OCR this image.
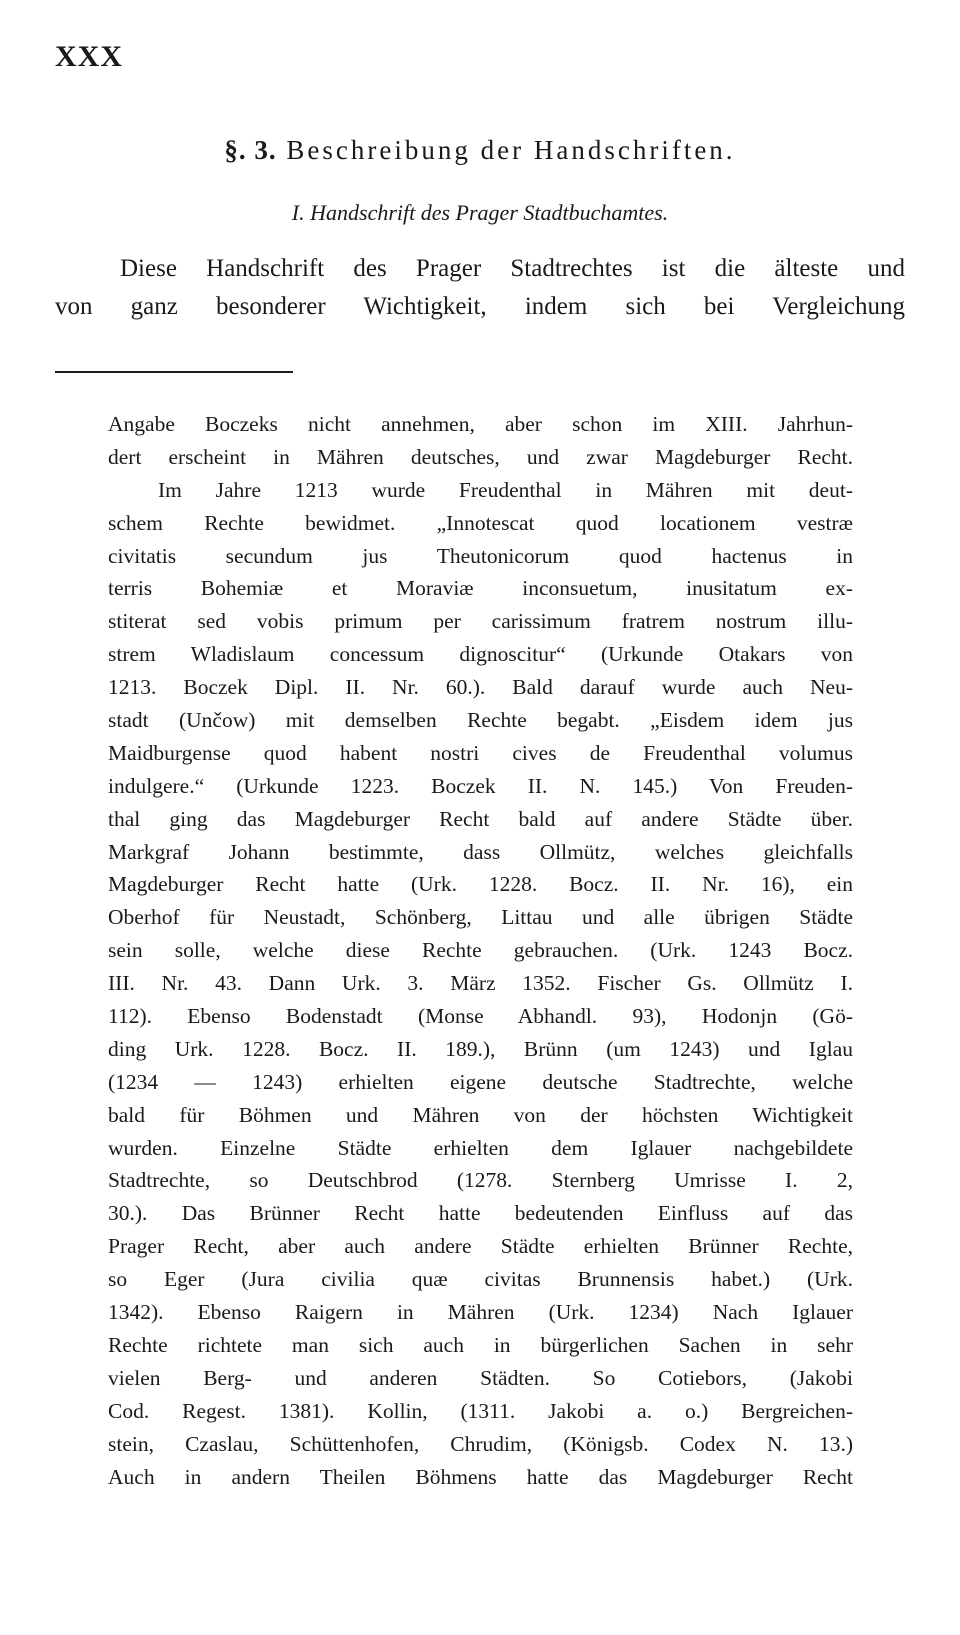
XXX
§. 3. Beschreibung der Handschriften.
I. Handschrift des Prager Stadtbuchamtes.
Diese Handschrift des Prager Stadtrechtes ist die älteste und
von ganz besonderer Wichtigkeit, indem sich bei Vergleichung
Angabe Boczeks nicht annehmen, aber schon im XIII. Jahrhun-
dert erscheint in Mähren deutsches, und zwar Magdeburger Recht.
Im Jahre 1213 wurde Freudenthal in Mähren mit deut-
schem Rechte bewidmet. „Innotescat quod locationem vestræ
civitatis secundum jus Theutonicorum quod hactenus in
terris Bohemiæ et Moraviæ inconsuetum, inusitatum ex-
stiterat sed vobis primum per carissimum fratrem nostrum illu-
strem Wladislaum concessum dignoscitur“ (Urkunde Otakars von
1213. Boczek Dipl. II. Nr. 60.). Bald darauf wurde auch Neu-
stadt (Unčow) mit demselben Rechte begabt. „Eisdem idem jus
Maidburgense quod habent nostri cives de Freudenthal volumus
indulgere.“ (Urkunde 1223. Boczek II. N. 145.) Von Freuden-
thal ging das Magdeburger Recht bald auf andere Städte über.
Markgraf Johann bestimmte, dass Ollmütz, welches gleichfalls
Magdeburger Recht hatte (Urk. 1228. Bocz. II. Nr. 16), ein
Oberhof für Neustadt, Schönberg, Littau und alle übrigen Städte
sein solle, welche diese Rechte gebrauchen. (Urk. 1243 Bocz.
III. Nr. 43. Dann Urk. 3. März 1352. Fischer Gs. Ollmütz I.
112). Ebenso Bodenstadt (Monse Abhandl. 93), Hodonjn (Gö-
ding Urk. 1228. Bocz. II. 189.), Brünn (um 1243) und Iglau
(1234 — 1243) erhielten eigene deutsche Stadtrechte, welche
bald für Böhmen und Mähren von der höchsten Wichtigkeit
wurden. Einzelne Städte erhielten dem Iglauer nachgebildete
Stadtrechte, so Deutschbrod (1278. Sternberg Umrisse I. 2,
30.). Das Brünner Recht hatte bedeutenden Einfluss auf das
Prager Recht, aber auch andere Städte erhielten Brünner Rechte,
so Eger (Jura civilia quæ civitas Brunnensis habet.) (Urk.
1342). Ebenso Raigern in Mähren (Urk. 1234) Nach Iglauer
Rechte richtete man sich auch in bürgerlichen Sachen in sehr
vielen Berg- und anderen Städten. So Cotiebors, (Jakobi
Cod. Regest. 1381). Kollin, (1311. Jakobi a. o.) Bergreichen-
stein, Czaslau, Schüttenhofen, Chrudim, (Königsb. Codex N. 13.)
Auch in andern Theilen Böhmens hatte das Magdeburger Recht
